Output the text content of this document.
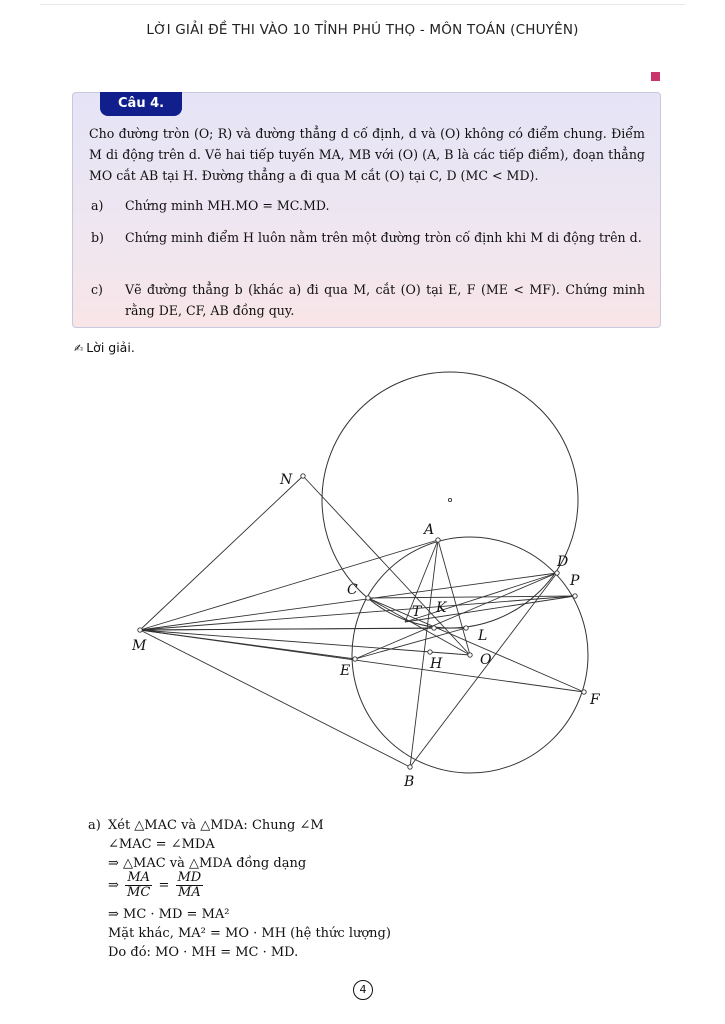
LỜI GIẢI ĐỀ THI VÀO 10 TỈNH PHÚ THỌ - MÔN TOÁN (CHUYÊN)
Câu 4.
Cho đường tròn (O; R) và đường thẳng d cố định, d và (O) không có điểm chung. Điểm M di động trên d. Vẽ hai tiếp tuyến MA, MB với (O) (A, B là các tiếp điểm), đoạn thẳng MO cắt AB tại H. Đường thẳng a đi qua M cắt (O) tại C, D (MC < MD).
a) Chứng minh MH.MO = MC.MD.
b) Chứng minh điểm H luôn nằm trên một đường tròn cố định khi M di động trên d.
c) Vẽ đường thẳng b (khác a) đi qua M, cắt (O) tại E, F (ME < MF). Chứng minh rằng DE, CF, AB đồng quy.
✍ Lời giải.
N
A
C
D
P
T K
L
M
E	H	O
F
B
a) Xét △MAC và △MDA: Chung ∠M
∠MAC = ∠MDA
⇒ △MAC và △MDA đồng dạng
⇒ $\frac{MA}{MC} = \frac{MD}{MA}$
⇒ MC · MD = MA²
Mặt khác, MA² = MO · MH (hệ thức lượng)
Do đó: MO · MH = MC · MD.
4
